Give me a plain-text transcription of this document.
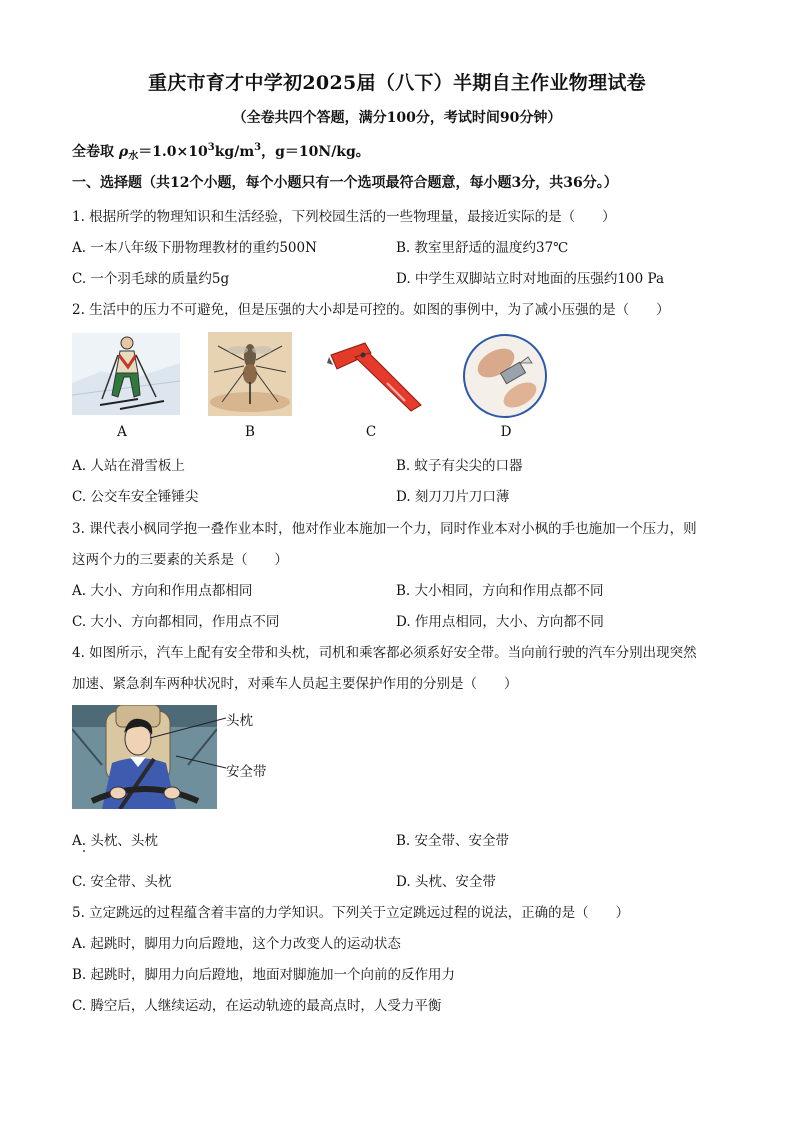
重庆市育才中学初2025届（八下）半期自主作业物理试卷
（全卷共四个答题，满分100分，考试时间90分钟）
全卷取 $\rho_水=1.0\times 10^3kg/m^3$，g＝10N/kg。
一、选择题（共12个小题，每个小题只有一个选项最符合题意，每小题3分，共36分。）
1. 根据所学的物理知识和生活经验，下列校园生活的一些物理量，最接近实际的是（　　）
A. 一本八年级下册物理教材的重约500N	B. 教室里舒适的温度约37℃
C. 一个羽毛球的质量约5g	D. 中学生双脚站立时对地面的压强约100 Pa
2. 生活中的压力不可避免，但是压强的大小却是可控的。如图的事例中，为了减小压强的是（　　）
A	B	C	D
A. 人站在滑雪板上	B. 蚊子有尖尖的口器
C. 公交车安全锤锤尖	D. 刻刀刀片刀口薄
3. 课代表小枫同学抱一叠作业本时，他对作业本施加一个力，同时作业本对小枫的手也施加一个压力，则
这两个力的三要素的关系是（　　）
A. 大小、方向和作用点都相同	B. 大小相同，方向和作用点都不同
C. 大小、方向都相同，作用点不同	D. 作用点相同，大小、方向都不同
4. 如图所示，汽车上配有安全带和头枕，司机和乘客都必须系好安全带。当向前行驶的汽车分别出现突然
加速、紧急刹车两种状况时，对乘车人员起主要保护作用的分别是（　　）
头枕
安全带
A. 头枕、头枕	B. 安全带、安全带
C. 安全带、头枕	D. 头枕、安全带
5. 立定跳远的过程蕴含着丰富的力学知识。下列关于立定跳远过程的说法，正确的是（　　）
A. 起跳时，脚用力向后蹬地，这个力改变人的运动状态
B. 起跳时，脚用力向后蹬地，地面对脚施加一个向前的反作用力
C. 腾空后，人继续运动，在运动轨迹的最高点时，人受力平衡
